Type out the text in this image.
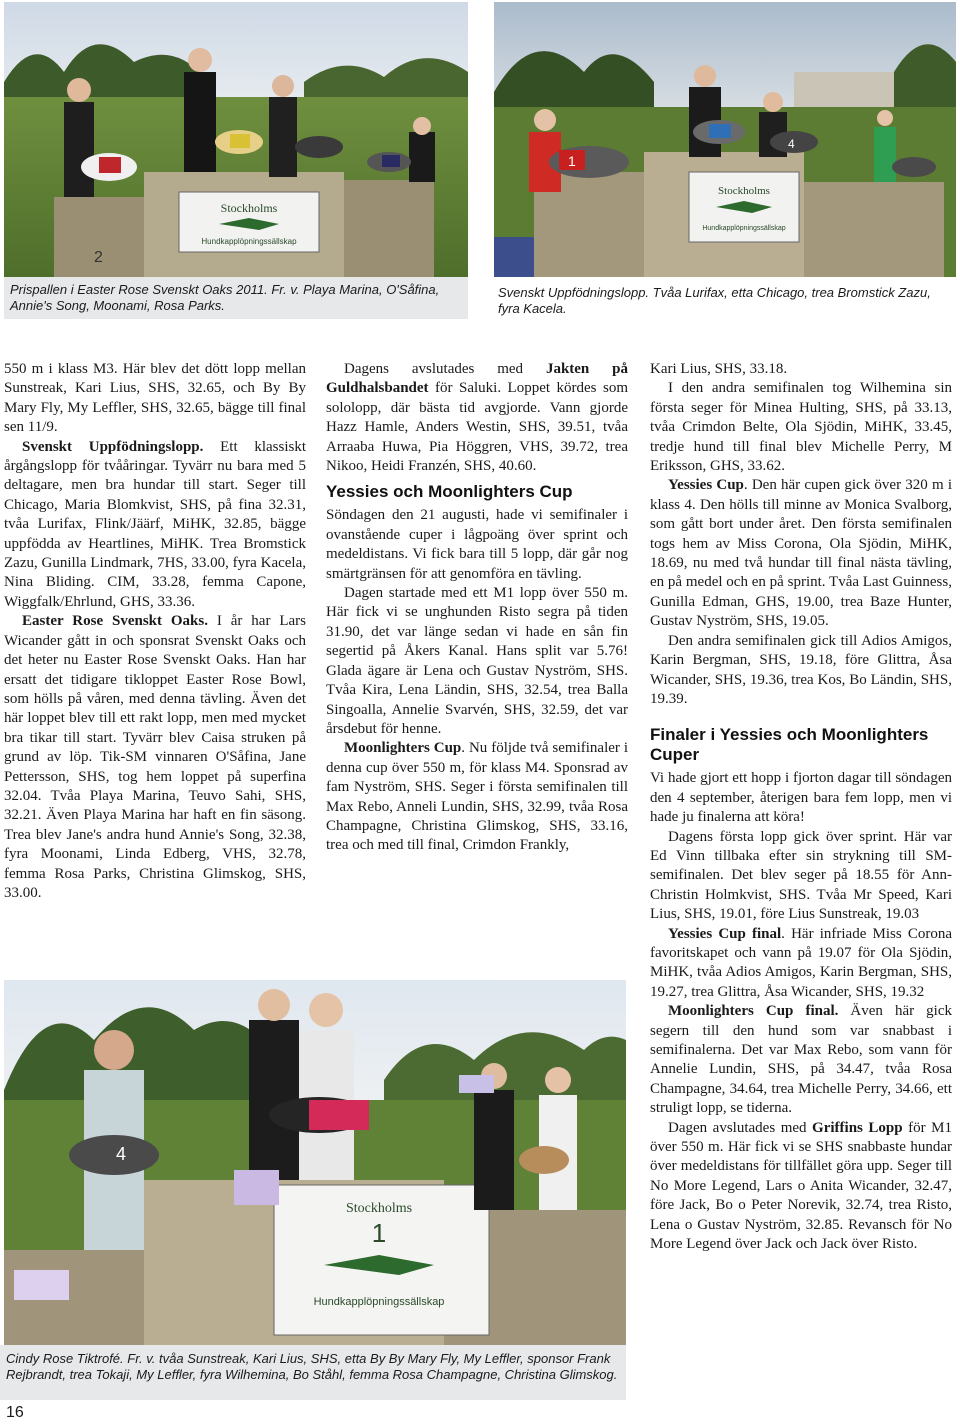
Stockholms
Hundkapplöpningssällskap
2
Prispallen i Easter Rose Svenskt Oaks 2011. Fr. v. Playa Marina, O'Såfina, Annie's Song, Moonami, Rosa Parks.
Stockholms
Hundkapplöpningssällskap
1
4
Svenskt Uppfödningslopp. Tvåa Lurifax, etta Chicago, trea Bromstick Zazu, fyra Kacela.

550 m i klass M3. Här blev det dött lopp mellan Sunstreak, Kari Lius, SHS, 32.65, och By By Mary Fly, My Leffler, SHS, 32.65, bägge till final sen 11/9.

Svenskt Uppfödningslopp. Ett klassiskt årgångslopp för tvååringar. Tyvärr nu bara med 5 deltagare, men bra hundar till start. Seger till Chicago, Maria Blomkvist, SHS, på fina 32.31, tvåa Lurifax, Flink/Jäärf, MiHK, 32.85, bägge uppfödda av Heartlines, MiHK. Trea Bromstick Zazu, Gunilla Lindmark, 7HS, 33.00, fyra Kacela, Nina Bliding. CIM, 33.28, femma Capone, Wiggfalk/Ehrlund, GHS, 33.36.

Easter Rose Svenskt Oaks. I år har Lars Wicander gått in och sponsrat Svenskt Oaks och det heter nu Easter Rose Svenskt Oaks. Han har ersatt det tidigare tikloppet Easter Rose Bowl, som hölls på våren, med denna tävling. Även det här loppet blev till ett rakt lopp, men med mycket bra tikar till start. Tyvärr blev Caisa struken på grund av löp. Tik-SM vinnaren O'Såfina, Jane Pettersson, SHS, tog hem loppet på superfina 32.04. Tvåa Playa Marina, Teuvo Sahi, SHS, 32.21. Även Playa Marina har haft en fin säsong. Trea blev Jane's andra hund Annie's Song, 32.38, fyra Moonami, Linda Edberg, VHS, 32.78, femma Rosa Parks, Christina Glimskog, SHS, 33.00.

Dagens avslutades med Jakten på Guldhalsbandet för Saluki. Loppet kördes som sololopp, där bästa tid avgjorde. Vann gjorde Hazz Hamle, Anders Westin, SHS, 39.51, tvåa Arraaba Huwa, Pia Höggren, VHS, 39.72, trea Nikoo, Heidi Franzén, SHS, 40.60.

Yessies och Moonlighters Cup

Söndagen den 21 augusti, hade vi semifinaler i ovanstående cuper i lågpoäng över sprint och medeldistans. Vi fick bara till 5 lopp, där går nog smärtgränsen för att genomföra en tävling.

Dagen startade med ett M1 lopp över 550 m. Här fick vi se unghunden Risto segra på tiden 31.90, det var länge sedan vi hade en sån fin segertid på Åkers Kanal. Hans split var 5.76! Glada ägare är Lena och Gustav Nyström, SHS. Tvåa Kira, Lena Ländin, SHS, 32.54, trea Balla Singoalla, Annelie Svarvén, SHS, 32.59, det var årsdebut för henne.

Moonlighters Cup. Nu följde två semifinaler i denna cup över 550 m, för klass M4. Sponsrad av fam Nyström, SHS. Seger i första semifinalen till Max Rebo, Anneli Lundin, SHS, 32.99, tvåa Rosa Champagne, Christina Glimskog, SHS, 33.16, trea och med till final, Crimdon Frankly,

Kari Lius, SHS, 33.18.

I den andra semifinalen tog Wilhemina sin första seger för Minea Hulting, SHS, på 33.13, tvåa Crimdon Belte, Ola Sjödin, MiHK, 33.45, tredje hund till final blev Michelle Perry, M Eriksson, GHS, 33.62.

Yessies Cup. Den här cupen gick över 320 m i klass 4. Den hölls till minne av Monica Svalborg, som gått bort under året. Den första semifinalen togs hem av Miss Corona, Ola Sjödin, MiHK, 18.69, nu med två hundar till final nästa tävling, en på medel och en på sprint. Tvåa Last Guinness, Gunilla Edman, GHS, 19.00, trea Baze Hunter, Gustav Nyström, SHS, 19.05.

Den andra semifinalen gick till Adios Amigos, Karin Bergman, SHS, 19.18, före Glittra, Åsa Wicander, SHS, 19.36, trea Kos, Bo Ländin, SHS, 19.39.

Finaler i Yessies och Moonlighters Cuper

Vi hade gjort ett hopp i fjorton dagar till söndagen den 4 september, återigen bara fem lopp, men vi hade ju finalerna att köra!

Dagens första lopp gick över sprint. Här var Ed Vinn tillbaka efter sin strykning till SM-semifinalen. Det blev seger på 18.55 för Ann-Christin Holmkvist, SHS. Tvåa Mr Speed, Kari Lius, SHS, 19.01, före Lius Sunstreak, 19.03

Yessies Cup final. Här infriade Miss Corona favoritskapet och vann på 19.07 för Ola Sjödin, MiHK, tvåa Adios Amigos, Karin Bergman, SHS, 19.27, trea Glittra, Åsa Wicander, SHS, 19.32

Moonlighters Cup final. Även här gick segern till den hund som var snabbast i semifinalerna. Det var Max Rebo, som vann för Annelie Lundin, SHS, på 34.47, tvåa Rosa Champagne, 34.64, trea Michelle Perry, 34.66, ett struligt lopp, se tiderna.

Dagen avslutades med Griffins Lopp för M1 över 550 m. Här fick vi se SHS snabbaste hundar över medeldistans för tillfället göra upp. Seger till No More Legend, Lars o Anita Wicander, 32.47, före Jack, Bo o Peter Norevik, 32.74, trea Risto, Lena o Gustav Nyström, 32.85. Revansch för No More Legend över Jack och Jack över Risto.

Stockholms
1
Hundkapplöpningssällskap
4
Cindy Rose Tiktrofé. Fr. v. tvåa Sunstreak, Kari Lius, SHS, etta By By Mary Fly, My Leffler, sponsor Frank Rejbrandt, trea Tokaji, My Leffler, fyra Wilhemina, Bo Ståhl, femma Rosa Champagne, Christina Glimskog.
16
